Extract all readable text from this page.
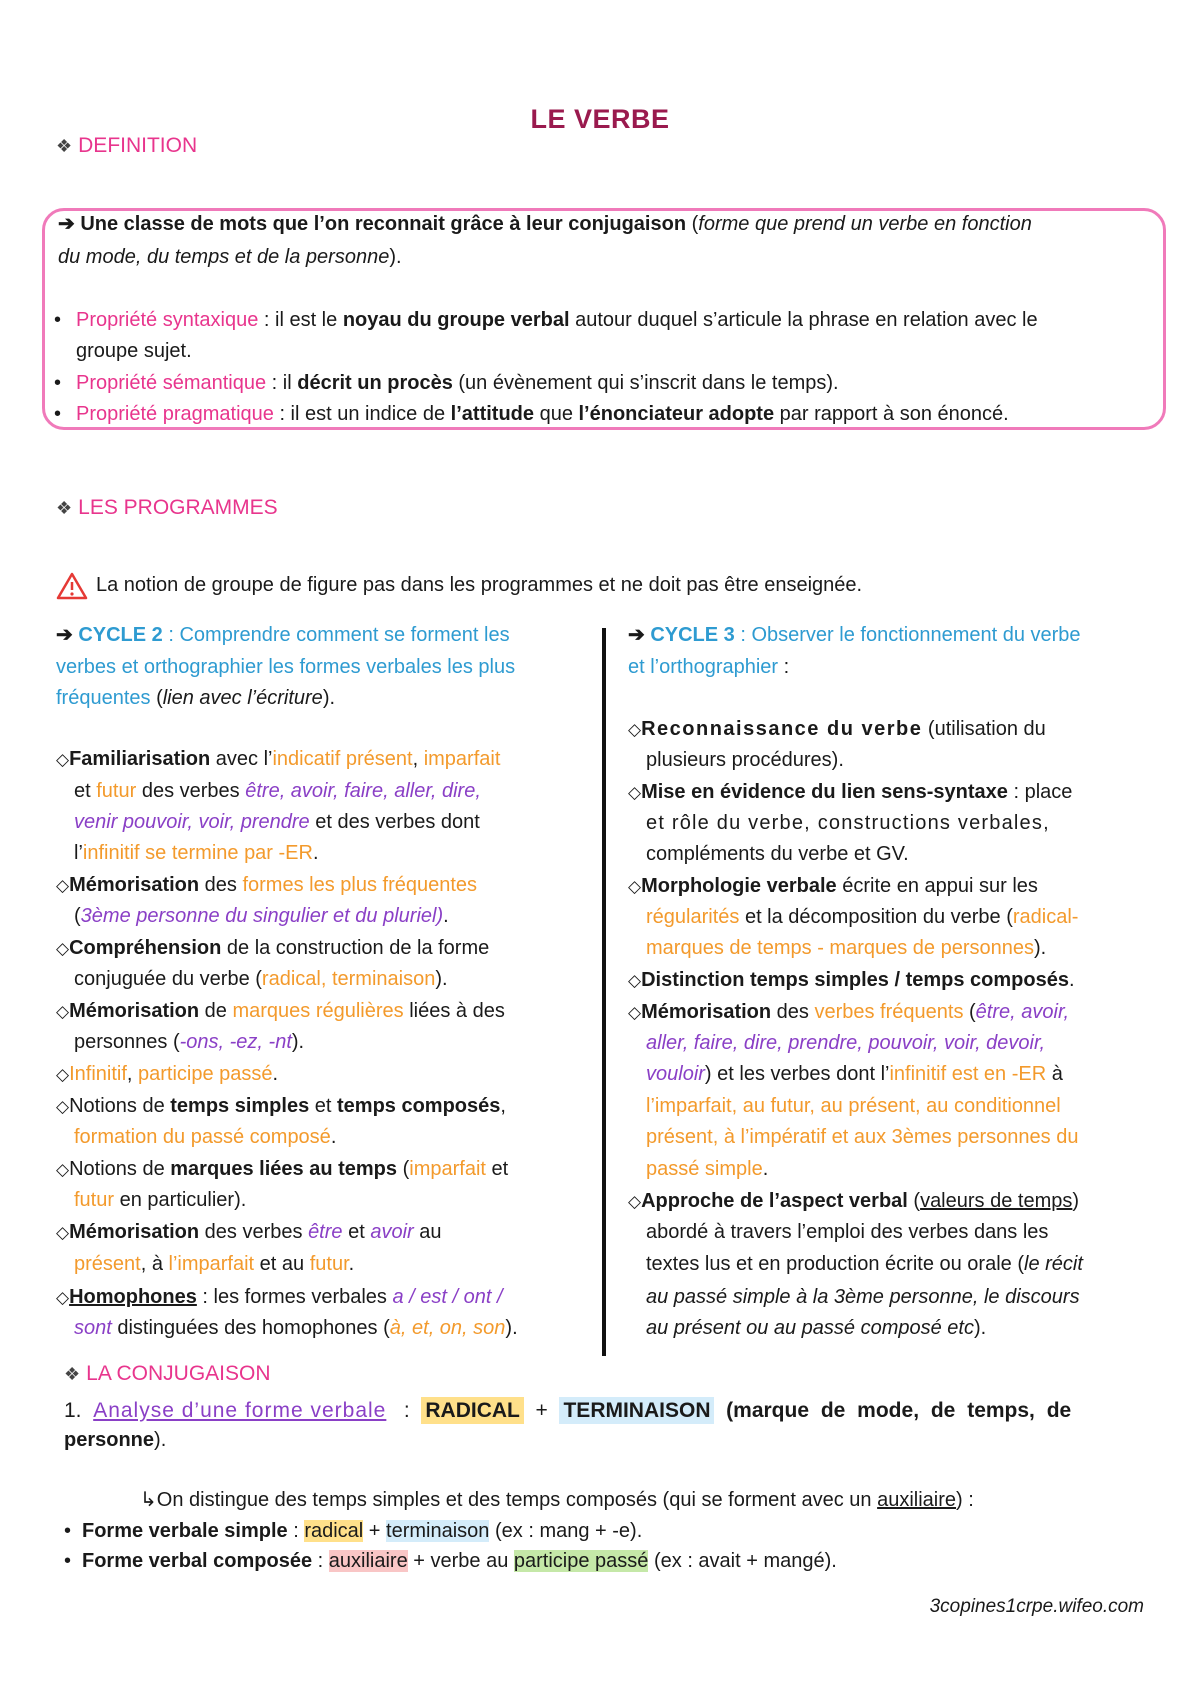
LE VERBE
❖ DEFINITION
➔ Une classe de mots que l’on reconnait grâce à leur conjugaison (forme que prend un verbe en fonction
du mode, du temps et de la personne).
• Propriété syntaxique : il est le noyau du groupe verbal autour duquel s’articule la phrase en relation avec le
groupe sujet.
• Propriété sémantique : il décrit un procès (un évènement qui s’inscrit dans le temps).
• Propriété pragmatique : il est un indice de l’attitude que l’énonciateur adopte par rapport à son énoncé.
❖ LES PROGRAMMES
La notion de groupe de figure pas dans les programmes et ne doit pas être enseignée.
➔ CYCLE 2 : Comprendre comment se forment les
verbes et orthographier les formes verbales les plus
fréquentes (lien avec l’écriture).
◇Familiarisation avec l’indicatif présent, imparfait
et futur des verbes être, avoir, faire, aller, dire,
venir pouvoir, voir, prendre et des verbes dont
l’infinitif se termine par -ER.
◇Mémorisation des formes les plus fréquentes
(3ème personne du singulier et du pluriel).
◇Compréhension de la construction de la forme
conjuguée du verbe (radical, terminaison).
◇Mémorisation de marques régulières liées à des
personnes (-ons, -ez, -nt).
◇Infinitif, participe passé.
◇Notions de temps simples et temps composés,
formation du passé composé.
◇Notions de marques liées au temps (imparfait et
futur en particulier).
◇Mémorisation des verbes être et avoir au
présent, à l’imparfait et au futur.
◇Homophones : les formes verbales a / est / ont /
sont distinguées des homophones (à, et, on, son).
➔ CYCLE 3 : Observer le fonctionnement du verbe
et l’orthographier :
◇Reconnaissance du verbe (utilisation du
plusieurs procédures).
◇Mise en évidence du lien sens-syntaxe : place
et rôle du verbe, constructions verbales,
compléments du verbe et GV.
◇Morphologie verbale écrite en appui sur les
régularités et la décomposition du verbe (radical-
marques de temps - marques de personnes).
◇Distinction temps simples / temps composés.
◇Mémorisation des verbes fréquents (être, avoir,
aller, faire, dire, prendre, pouvoir, voir, devoir,
vouloir) et les verbes dont l’infinitif est en -ER à
l’imparfait, au futur, au présent, au conditionnel
présent, à l’impératif et aux 3èmes personnes du
passé simple.
◇Approche de l’aspect verbal (valeurs de temps)
abordé à travers l’emploi des verbes dans les
textes lus et en production écrite ou orale (le récit
au passé simple à la 3ème personne, le discours
au présent ou au passé composé etc).
❖ LA CONJUGAISON
1. Analyse d’une forme verbale : RADICAL + TERMINAISON (marque de mode, de temps, de
personne).
↳On distingue des temps simples et des temps composés (qui se forment avec un auxiliaire) :
• Forme verbale simple : radical + terminaison (ex : mang + -e).
• Forme verbal composée : auxiliaire + verbe au participe passé (ex : avait + mangé).
3copines1crpe.wifeo.com
